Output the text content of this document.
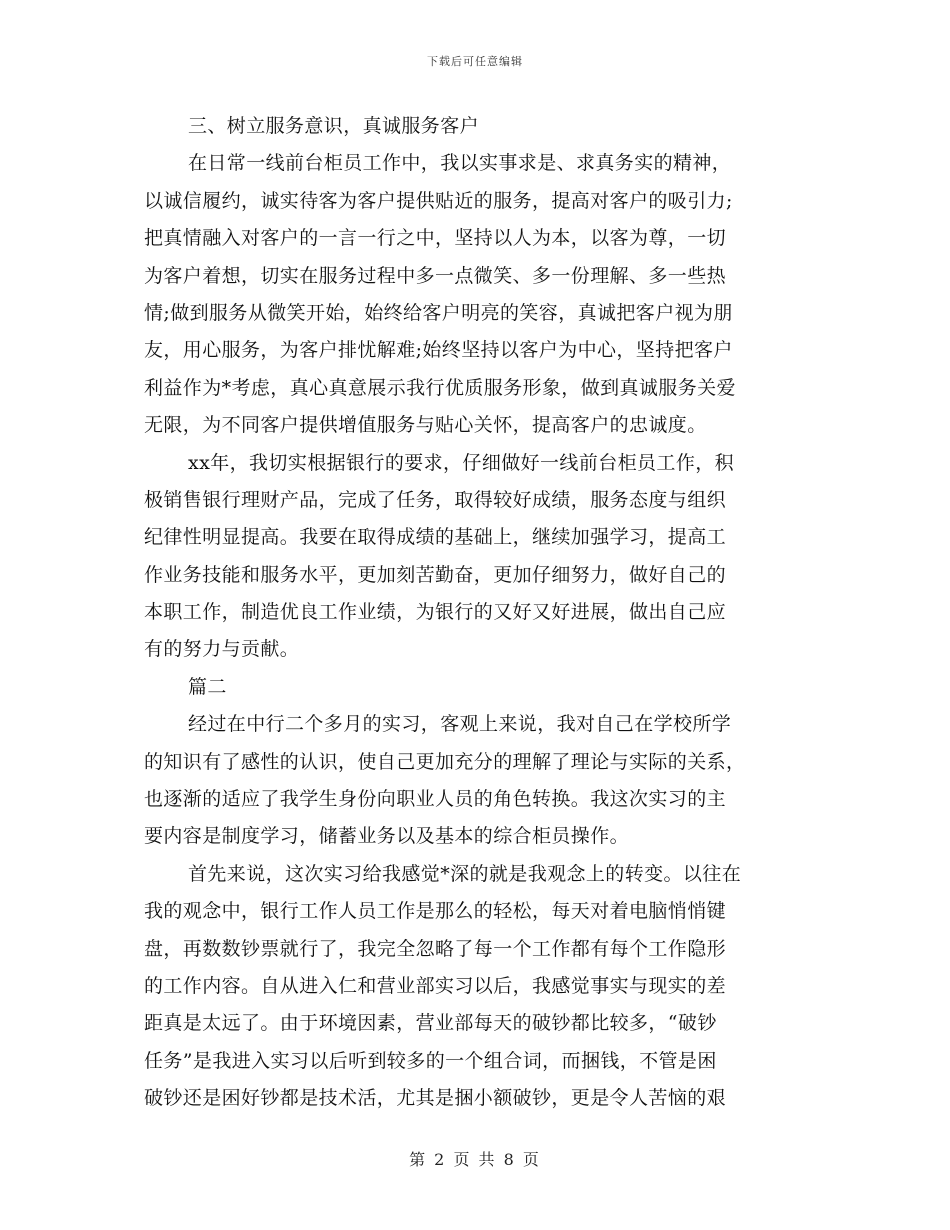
下载后可任意编辑
三、树立服务意识，真诚服务客户
在日常一线前台柜员工作中，我以实事求是、求真务实的精神，
以诚信履约，诚实待客为客户提供贴近的服务，提高对客户的吸引力;
把真情融入对客户的一言一行之中，坚持以人为本，以客为尊，一切
为客户着想，切实在服务过程中多一点微笑、多一份理解、多一些热
情;做到服务从微笑开始，始终给客户明亮的笑容，真诚把客户视为朋
友，用心服务，为客户排忧解难;始终坚持以客户为中心，坚持把客户
利益作为*考虑，真心真意展示我行优质服务形象，做到真诚服务关爱
无限，为不同客户提供增值服务与贴心关怀，提高客户的忠诚度。
xx年，我切实根据银行的要求，仔细做好一线前台柜员工作，积
极销售银行理财产品，完成了任务，取得较好成绩，服务态度与组织
纪律性明显提高。我要在取得成绩的基础上，继续加强学习，提高工
作业务技能和服务水平，更加刻苦勤奋，更加仔细努力，做好自己的
本职工作，制造优良工作业绩，为银行的又好又好进展，做出自己应
有的努力与贡献。
篇二
经过在中行二个多月的实习，客观上来说，我对自己在学校所学
的知识有了感性的认识，使自己更加充分的理解了理论与实际的关系，
也逐渐的适应了我学生身份向职业人员的角色转换。我这次实习的主
要内容是制度学习，储蓄业务以及基本的综合柜员操作。
首先来说，这次实习给我感觉*深的就是我观念上的转变。以往在
我的观念中，银行工作人员工作是那么的轻松，每天对着电脑悄悄键
盘，再数数钞票就行了，我完全忽略了每一个工作都有每个工作隐形
的工作内容。自从进入仁和营业部实习以后，我感觉事实与现实的差
距真是太远了。由于环境因素，营业部每天的破钞都比较多，“破钞
任务”是我进入实习以后听到较多的一个组合词，而捆钱，不管是困
破钞还是困好钞都是技术活，尤其是捆小额破钞，更是令人苦恼的艰
第 2 页 共 8 页
